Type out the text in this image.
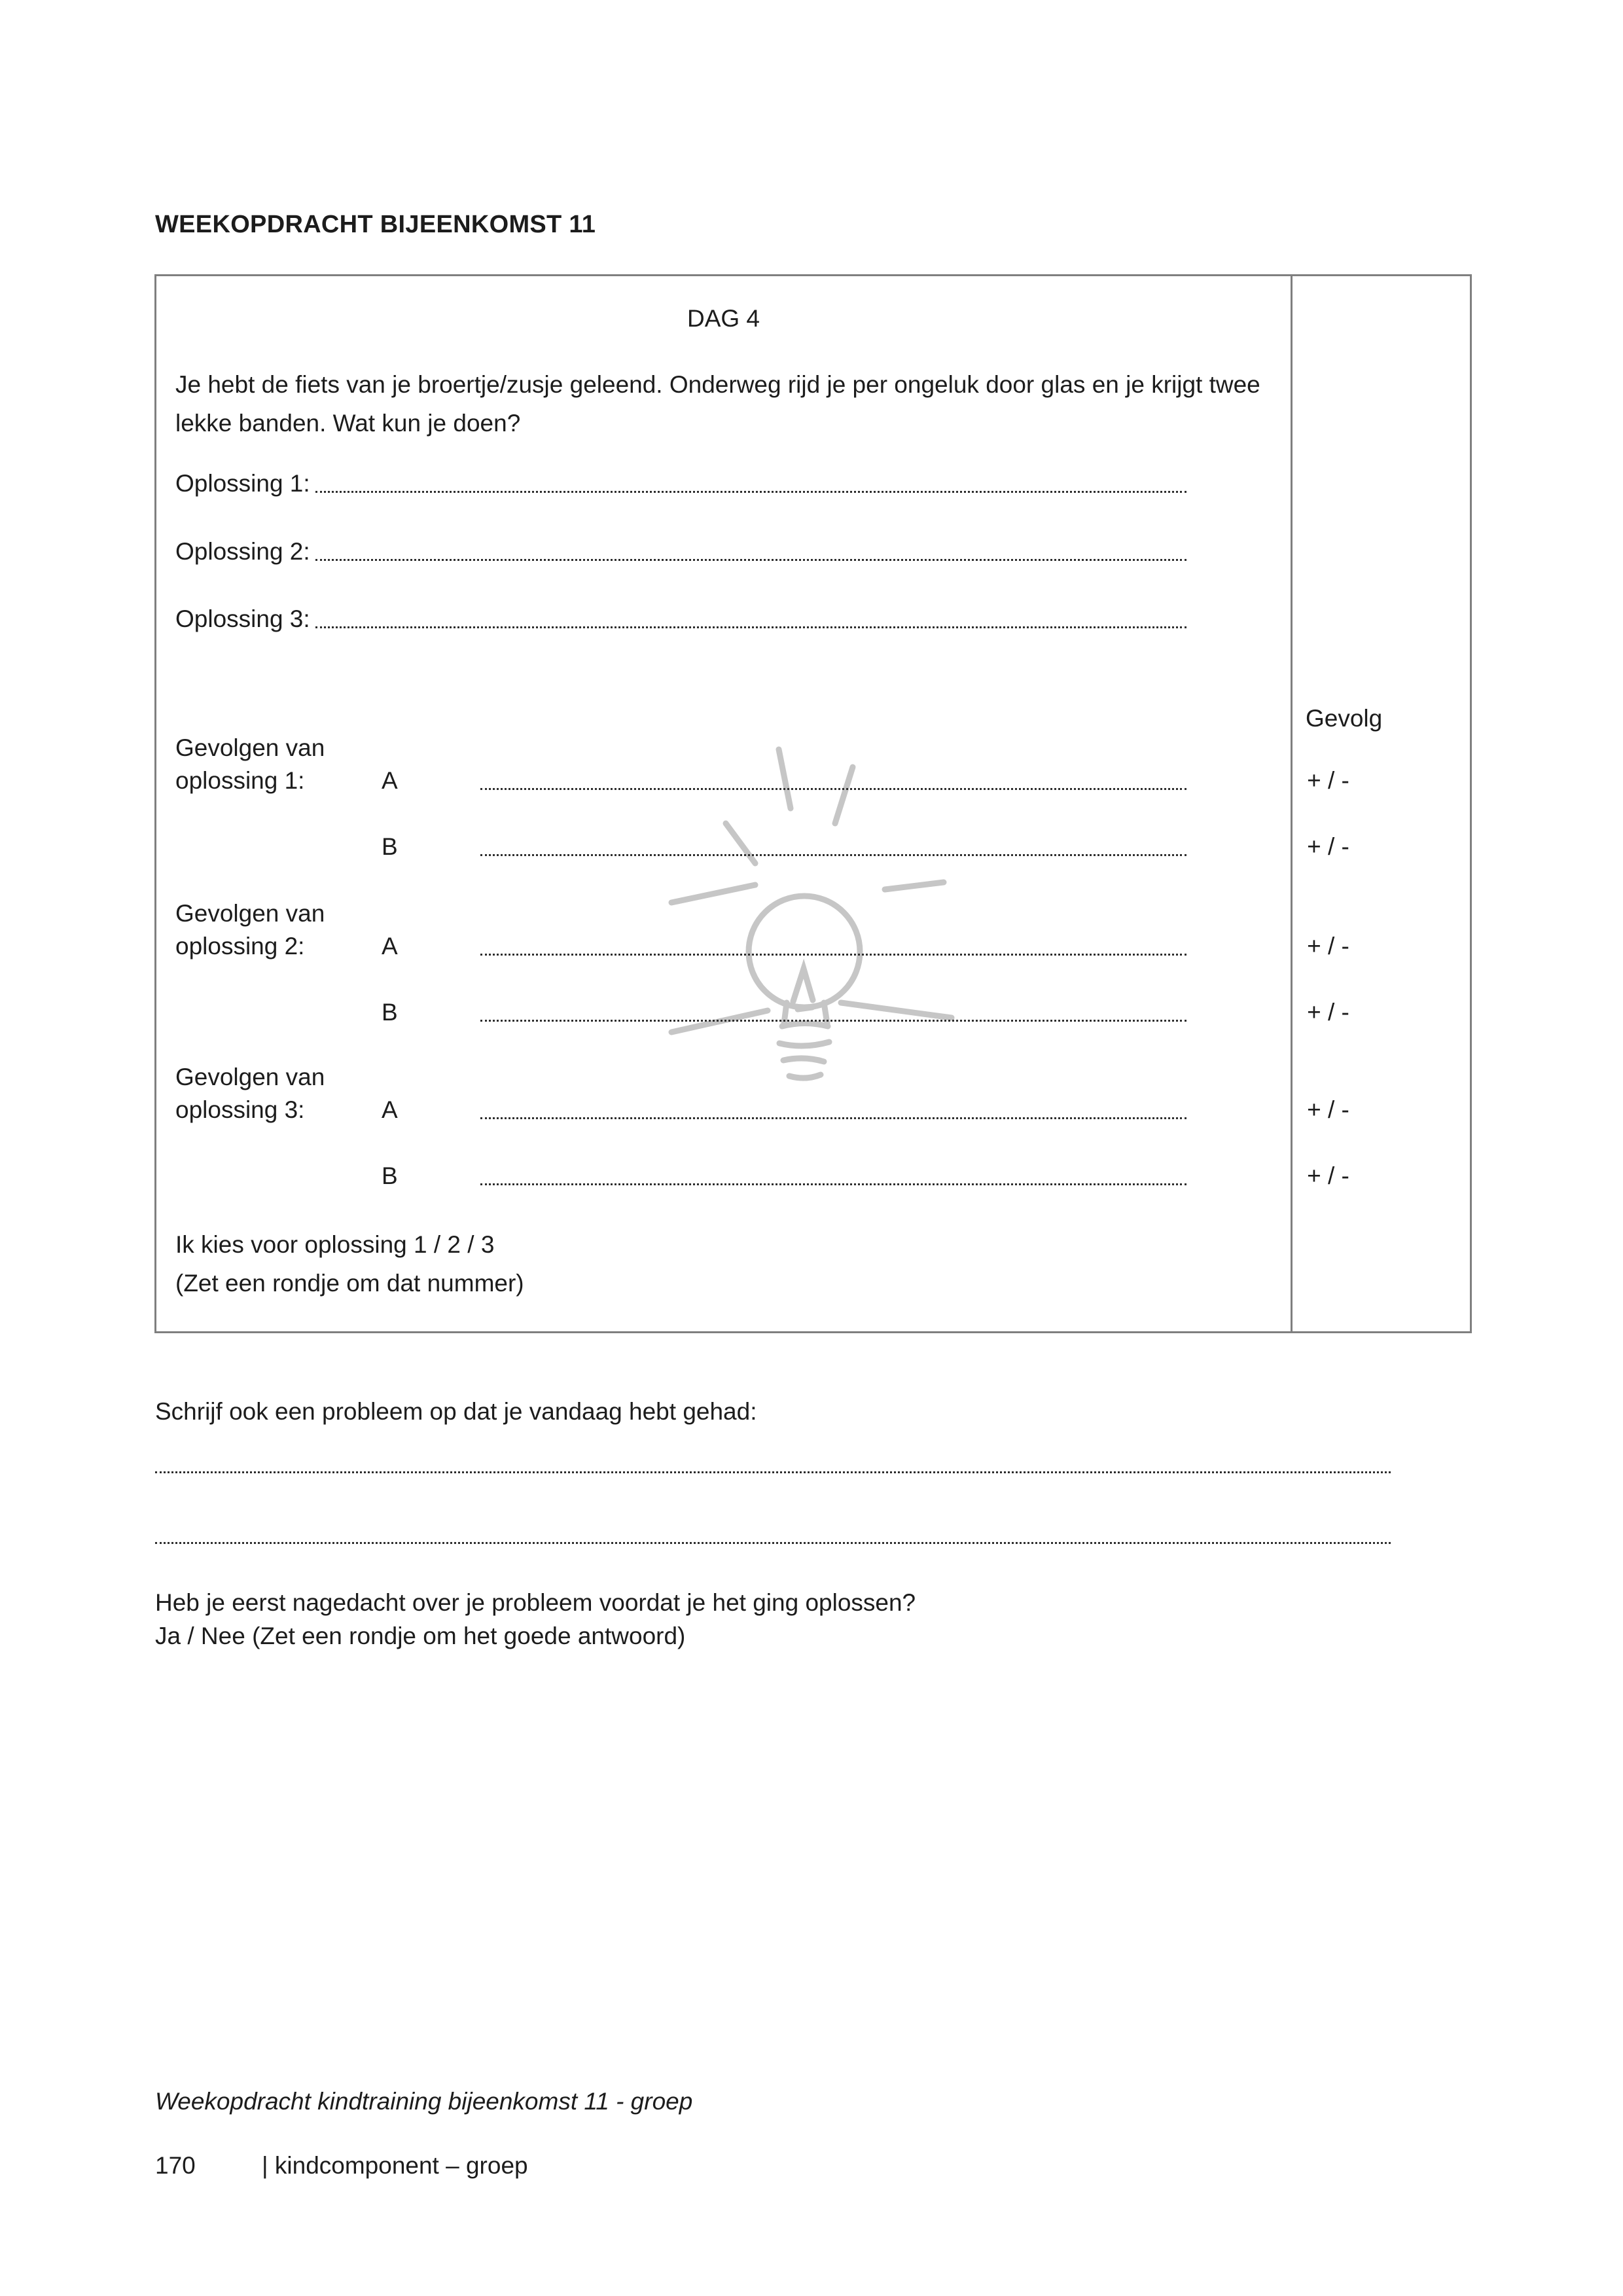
WEEKOPDRACHT BIJEENKOMST 11
DAG 4
Je hebt de fiets van je broertje/zusje geleend. Onderweg rijd je per ongeluk door glas en je krijgt twee lekke banden. Wat kun je doen?
Oplossing 1:
Oplossing 2:
Oplossing 3:
Gevolg
Gevolgen van
oplossing 1:	A	+ / -
B	+ / -
Gevolgen van
oplossing 2:	A	+ / -
B	+ / -
Gevolgen van
oplossing 3:	A	+ / -
B	+ / -
Ik kies voor oplossing 1 / 2 / 3
(Zet een rondje om dat nummer)
Schrijf ook een probleem op dat je vandaag hebt gehad:
Heb je eerst nagedacht over je probleem voordat je het ging oplossen?
Ja / Nee (Zet een rondje om het goede antwoord)
Weekopdracht kindtraining bijeenkomst 11 - groep
170	| kindcomponent – groep
